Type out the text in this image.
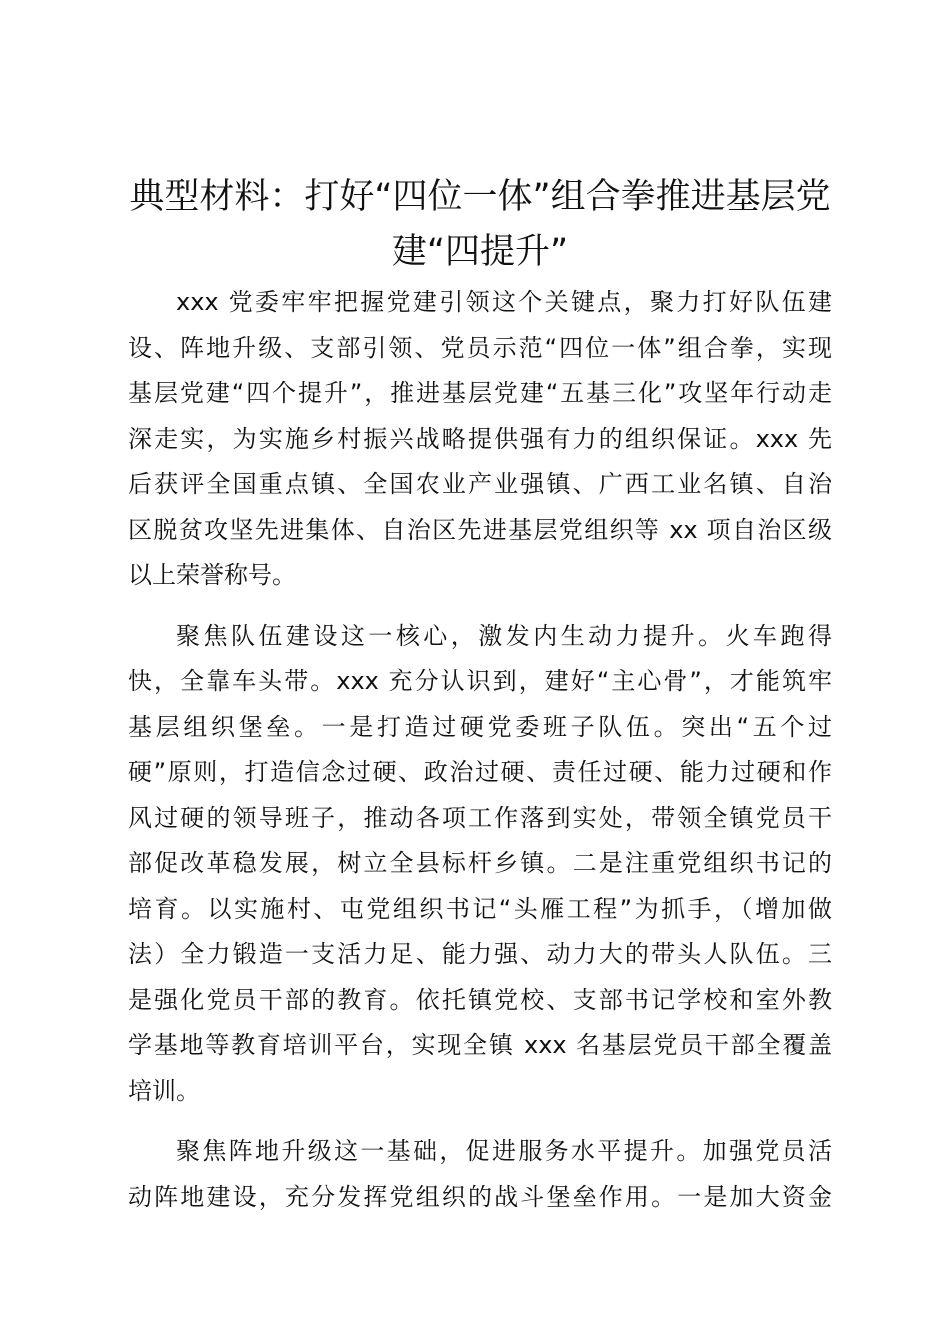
典型材料：打好“四位一体”组合拳推进基层党
建“四提升”
xxx 党委牢牢把握党建引领这个关键点，聚力打好队伍建
设、阵地升级、支部引领、党员示范“四位一体”组合拳，实现
基层党建“四个提升”，推进基层党建“五基三化”攻坚年行动走
深走实，为实施乡村振兴战略提供强有力的组织保证。xxx 先
后获评全国重点镇、全国农业产业强镇、广西工业名镇、自治
区脱贫攻坚先进集体、自治区先进基层党组织等 xx 项自治区级
以上荣誉称号。
聚焦队伍建设这一核心，激发内生动力提升。火车跑得
快，全靠车头带。xxx 充分认识到，建好“主心骨”，才能筑牢
基层组织堡垒。一是打造过硬党委班子队伍。突出“五个过
硬”原则，打造信念过硬、政治过硬、责任过硬、能力过硬和作
风过硬的领导班子，推动各项工作落到实处，带领全镇党员干
部促改革稳发展，树立全县标杆乡镇。二是注重党组织书记的
培育。以实施村、屯党组织书记“头雁工程”为抓手，（增加做
法）全力锻造一支活力足、能力强、动力大的带头人队伍。三
是强化党员干部的教育。依托镇党校、支部书记学校和室外教
学基地等教育培训平台，实现全镇 xxx 名基层党员干部全覆盖
培训。
聚焦阵地升级这一基础，促进服务水平提升。加强党员活
动阵地建设，充分发挥党组织的战斗堡垒作用。一是加大资金
